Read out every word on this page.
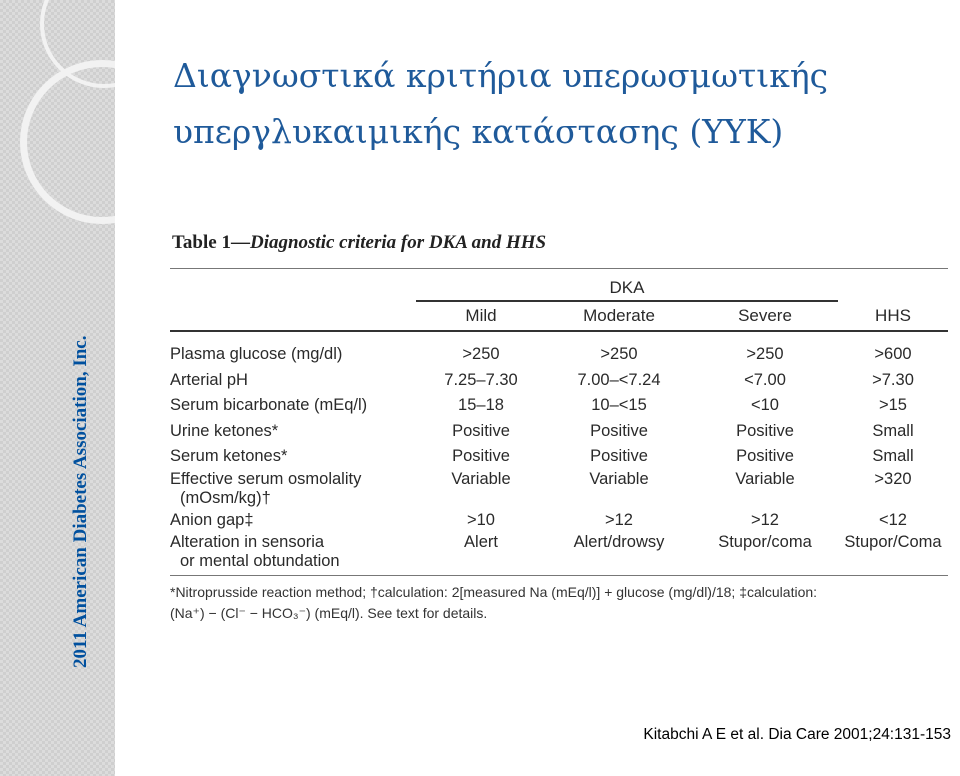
2011 American Diabetes Association, Inc.
Διαγνωστικά κριτήρια υπερωσμωτικής
υπεργλυκαιμικής κατάστασης (ΥΥΚ)
Table 1—Diagnostic criteria for DKA and HHS
	DKA			
	Mild	Moderate	Severe	HHS

Plasma glucose (mg/dl)	>250	>250	>250	>600
Arterial pH	7.25–7.30	7.00–<7.24	<7.00	>7.30
Serum bicarbonate (mEq/l)	15–18	10–<15	<10	>15
Urine ketones*	Positive	Positive	Positive	Small
Serum ketones*	Positive	Positive	Positive	Small
Effective serum osmolality
(mOsm/kg)†	Variable	Variable	Variable	>320
Anion gap‡	>10	>12	>12	<12
Alteration in sensoria
or mental obtundation	Alert	Alert/drowsy	Stupor/coma	Stupor/Coma
*Nitroprusside reaction method; †calculation: 2[measured Na (mEq/l)] + glucose (mg/dl)/18; ‡calculation:
(Na⁺) − (Cl⁻ − HCO₃⁻) (mEq/l). See text for details.
Kitabchi A E et al. Dia Care 2001;24:131-153
